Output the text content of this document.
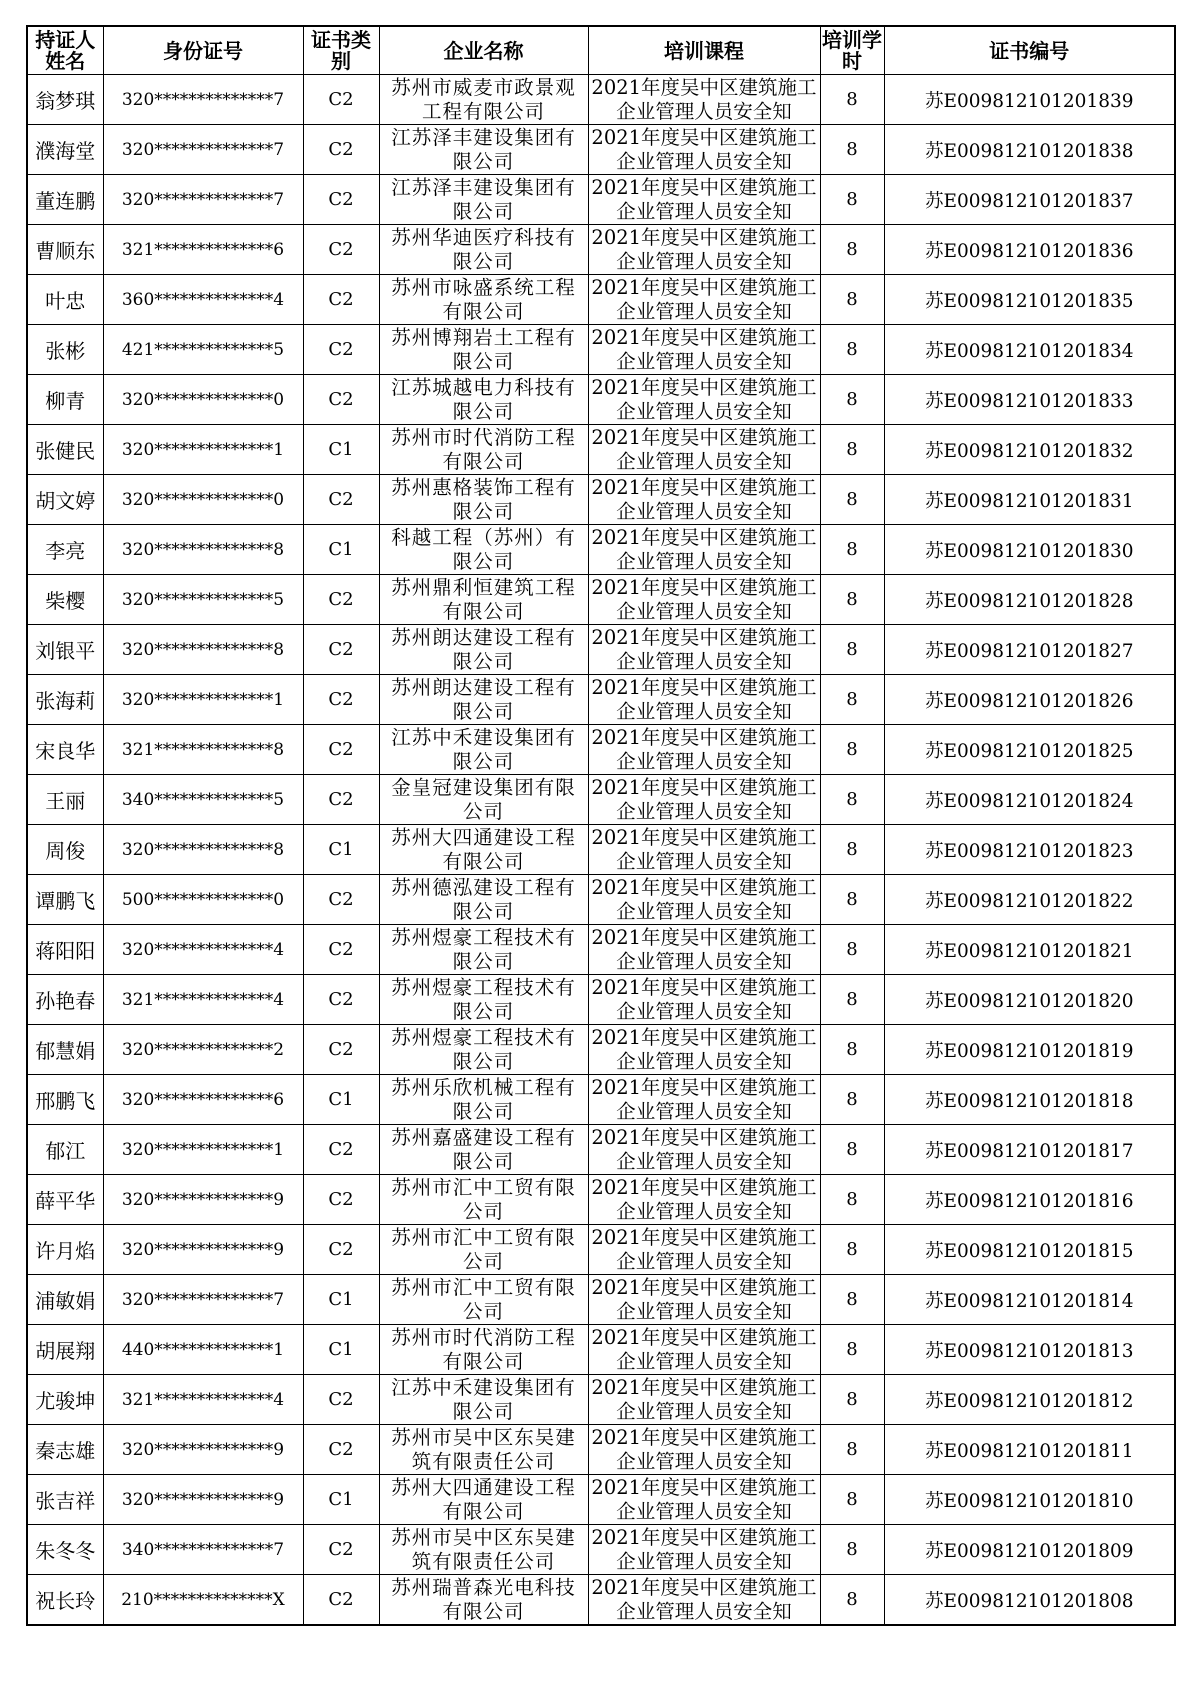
持证人姓名	身份证号	证书类别	企业名称	培训课程	培训学时	证书编号
翁梦琪	320**************7	C2	苏州市威麦市政景观工程有限公司	2021年度吴中区建筑施工企业管理人员安全知	8	苏E009812101201839
濮海堂	320**************7	C2	江苏泽丰建设集团有限公司	2021年度吴中区建筑施工企业管理人员安全知	8	苏E009812101201838
董连鹏	320**************7	C2	江苏泽丰建设集团有限公司	2021年度吴中区建筑施工企业管理人员安全知	8	苏E009812101201837
曹顺东	321**************6	C2	苏州华迪医疗科技有限公司	2021年度吴中区建筑施工企业管理人员安全知	8	苏E009812101201836
叶忠	360**************4	C2	苏州市咏盛系统工程有限公司	2021年度吴中区建筑施工企业管理人员安全知	8	苏E009812101201835
张彬	421**************5	C2	苏州博翔岩土工程有限公司	2021年度吴中区建筑施工企业管理人员安全知	8	苏E009812101201834
柳青	320**************0	C2	江苏城越电力科技有限公司	2021年度吴中区建筑施工企业管理人员安全知	8	苏E009812101201833
张健民	320**************1	C1	苏州市时代消防工程有限公司	2021年度吴中区建筑施工企业管理人员安全知	8	苏E009812101201832
胡文婷	320**************0	C2	苏州惠格装饰工程有限公司	2021年度吴中区建筑施工企业管理人员安全知	8	苏E009812101201831
李亮	320**************8	C1	科越工程（苏州）有限公司	2021年度吴中区建筑施工企业管理人员安全知	8	苏E009812101201830
柴樱	320**************5	C2	苏州鼎利恒建筑工程有限公司	2021年度吴中区建筑施工企业管理人员安全知	8	苏E009812101201828
刘银平	320**************8	C2	苏州朗达建设工程有限公司	2021年度吴中区建筑施工企业管理人员安全知	8	苏E009812101201827
张海莉	320**************1	C2	苏州朗达建设工程有限公司	2021年度吴中区建筑施工企业管理人员安全知	8	苏E009812101201826
宋良华	321**************8	C2	江苏中禾建设集团有限公司	2021年度吴中区建筑施工企业管理人员安全知	8	苏E009812101201825
王丽	340**************5	C2	金皇冠建设集团有限公司	2021年度吴中区建筑施工企业管理人员安全知	8	苏E009812101201824
周俊	320**************8	C1	苏州大四通建设工程有限公司	2021年度吴中区建筑施工企业管理人员安全知	8	苏E009812101201823
谭鹏飞	500**************0	C2	苏州德泓建设工程有限公司	2021年度吴中区建筑施工企业管理人员安全知	8	苏E009812101201822
蒋阳阳	320**************4	C2	苏州煜豪工程技术有限公司	2021年度吴中区建筑施工企业管理人员安全知	8	苏E009812101201821
孙艳春	321**************4	C2	苏州煜豪工程技术有限公司	2021年度吴中区建筑施工企业管理人员安全知	8	苏E009812101201820
郁慧娟	320**************2	C2	苏州煜豪工程技术有限公司	2021年度吴中区建筑施工企业管理人员安全知	8	苏E009812101201819
邢鹏飞	320**************6	C1	苏州乐欣机械工程有限公司	2021年度吴中区建筑施工企业管理人员安全知	8	苏E009812101201818
郁江	320**************1	C2	苏州嘉盛建设工程有限公司	2021年度吴中区建筑施工企业管理人员安全知	8	苏E009812101201817
薛平华	320**************9	C2	苏州市汇中工贸有限公司	2021年度吴中区建筑施工企业管理人员安全知	8	苏E009812101201816
许月焰	320**************9	C2	苏州市汇中工贸有限公司	2021年度吴中区建筑施工企业管理人员安全知	8	苏E009812101201815
浦敏娟	320**************7	C1	苏州市汇中工贸有限公司	2021年度吴中区建筑施工企业管理人员安全知	8	苏E009812101201814
胡展翔	440**************1	C1	苏州市时代消防工程有限公司	2021年度吴中区建筑施工企业管理人员安全知	8	苏E009812101201813
尤骏坤	321**************4	C2	江苏中禾建设集团有限公司	2021年度吴中区建筑施工企业管理人员安全知	8	苏E009812101201812
秦志雄	320**************9	C2	苏州市吴中区东吴建筑有限责任公司	2021年度吴中区建筑施工企业管理人员安全知	8	苏E009812101201811
张吉祥	320**************9	C1	苏州大四通建设工程有限公司	2021年度吴中区建筑施工企业管理人员安全知	8	苏E009812101201810
朱冬冬	340**************7	C2	苏州市吴中区东吴建筑有限责任公司	2021年度吴中区建筑施工企业管理人员安全知	8	苏E009812101201809
祝长玲	210**************X	C2	苏州瑞普森光电科技有限公司	2021年度吴中区建筑施工企业管理人员安全知	8	苏E009812101201808
